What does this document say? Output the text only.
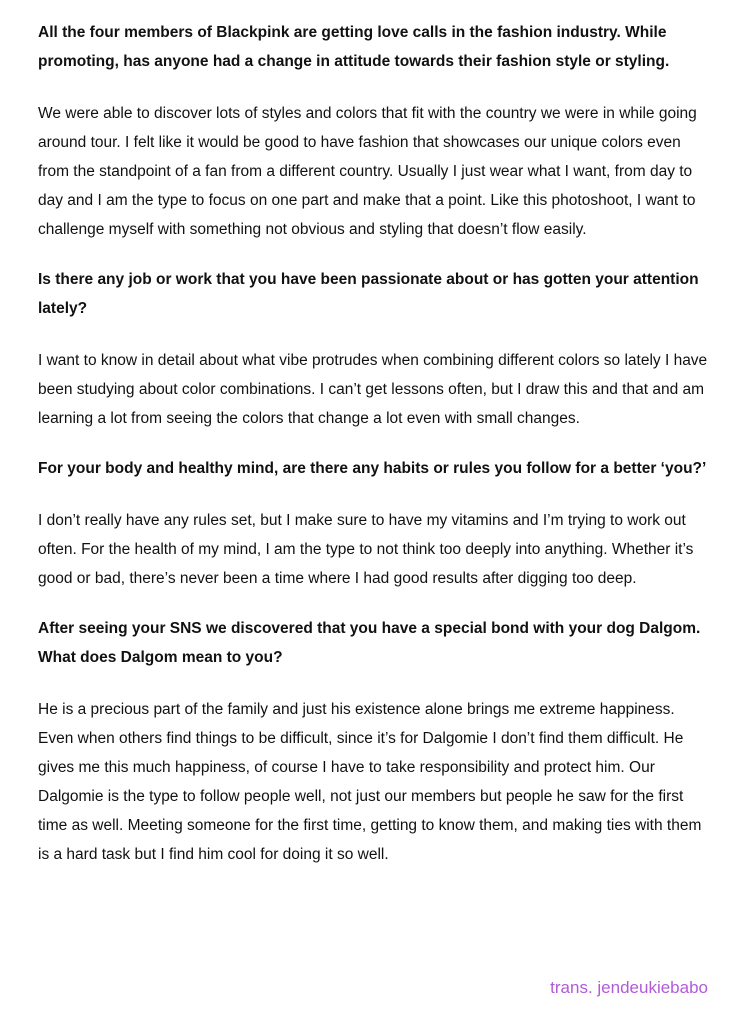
All the four members of Blackpink are getting love calls in the fashion industry. While promoting, has anyone had a change in attitude towards their fashion style or styling.

We were able to discover lots of styles and colors that fit with the country we were in while going around tour. I felt like it would be good to have fashion that showcases our unique colors even from the standpoint of a fan from a different country. Usually I just wear what I want, from day to day and I am the type to focus on one part and make that a point. Like this photoshoot, I want to challenge myself with something not obvious and styling that doesn’t flow easily.

Is there any job or work that you have been passionate about or has gotten your attention lately?

I want to know in detail about what vibe protrudes when combining different colors so lately I have been studying about color combinations. I can’t get lessons often, but I draw this and that and am learning a lot from seeing the colors that change a lot even with small changes.

For your body and healthy mind, are there any habits or rules you follow for a better ‘you?’

I don’t really have any rules set, but I make sure to have my vitamins and I’m trying to work out often. For the health of my mind, I am the type to not think too deeply into anything. Whether it’s good or bad, there’s never been a time where I had good results after digging too deep.

After seeing your SNS we discovered that you have a special bond with your dog Dalgom. What does Dalgom mean to you?

He is a precious part of the family and just his existence alone brings me extreme happiness. Even when others find things to be difficult, since it’s for Dalgomie I don’t find them difficult. He gives me this much happiness, of course I have to take responsibility and protect him. Our Dalgomie is the type to follow people well, not just our members but people he saw for the first time as well. Meeting someone for the first time, getting to know them, and making ties with them is a hard task but I find him cool for doing it so well.

trans. jendeukiebabo
